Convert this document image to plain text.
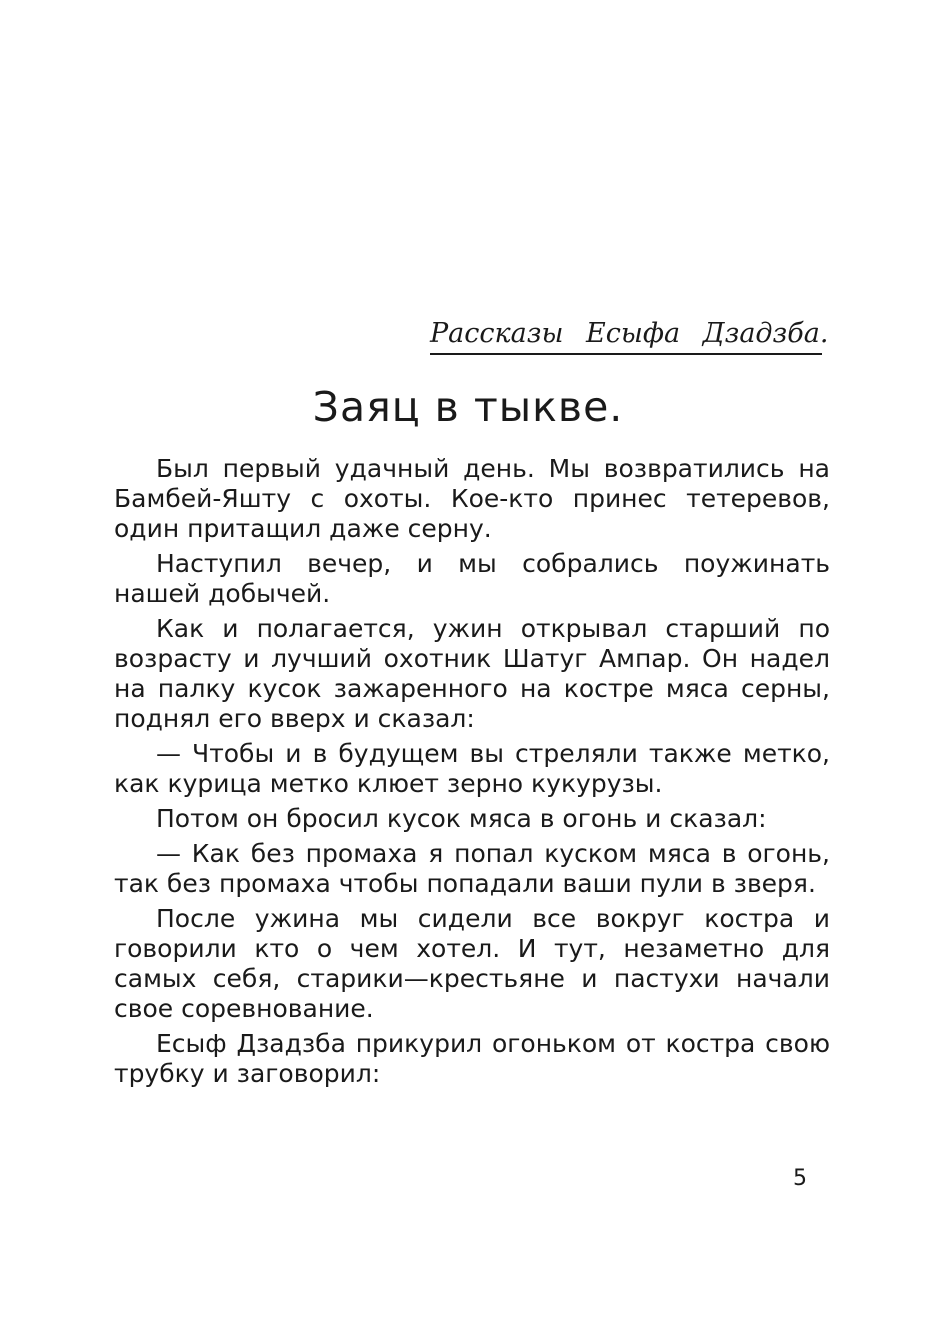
Рассказы Есыфа Дзадзба.
Заяц в тыкве.

Был первый удачный день. Мы возвратились на Бамбей-Яшту с охоты. Кое-кто принес тетеревов, один притащил даже серну.

Наступил вечер, и мы собрались поужинать нашей добычей.

Как и полагается, ужин открывал старший по возрасту и лучший охотник Шатуг Ампар. Он надел на палку кусок зажаренного на костре мяса серны, поднял его вверх и сказал:

— Чтобы и в будущем вы стреляли также метко, как курица метко клюет зерно кукурузы.

Потом он бросил кусок мяса в огонь и сказал:

— Как без промаха я попал куском мяса в огонь, так без промаха чтобы попадали ваши пули в зверя.

После ужина мы сидели все вокруг костра и говорили кто о чем хотел. И тут, незаметно для самых себя, старики—крестьяне и пастухи начали свое соревнование.

Есыф Дзадзба прикурил огоньком от костра свою трубку и заговорил:

5
